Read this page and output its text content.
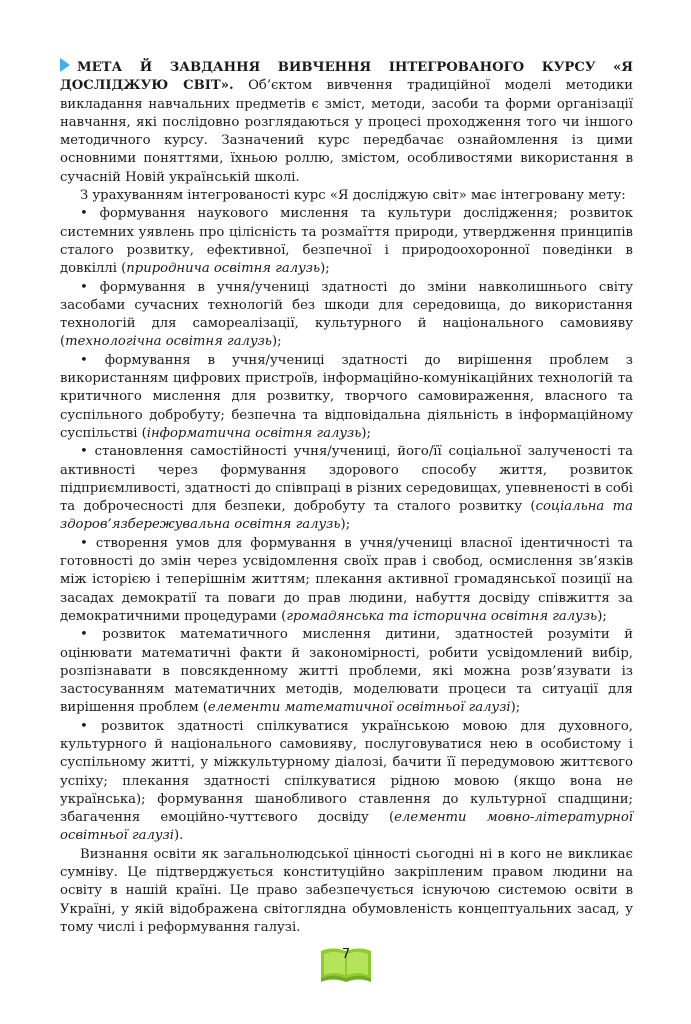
МЕТА Й ЗАВДАННЯ ВИВЧЕННЯ ІНТЕГРОВАНОГО КУРСУ «Я ДОСЛІДЖУЮ СВІТ». Об’єктом вивчення традиційної моделі методики викладання навчальних предметів є зміст, методи, засоби та форми організації навчання, які послідовно розглядаються у процесі проходження того чи іншого методичного курсу. Зазначений курс передбачає ознайомлення із цими основними поняттями, їхньою роллю, змістом, особливостями використання в сучасній Новій українській школі.

З урахуванням інтегрованості курс «Я досліджую світ» має інтегровану мету:

• формування наукового мислення та культури дослідження; розвиток системних уявлень про цілісність та розмаїття природи, утвердження принципів сталого розвитку, ефективної, безпечної і природоохоронної поведінки в довкіллі (природнича освітня галузь);

• формування в учня/учениці здатності до зміни навколишнього світу засобами сучасних технологій без шкоди для середовища, до використання технологій для самореалізації, культурного й національного самовияву (технологічна освітня галузь);

• формування в учня/учениці здатності до вирішення проблем з використанням цифрових пристроїв, інформаційно-комунікаційних технологій та критичного мислення для розвитку, творчого самовираження, власного та суспільного добробуту; безпечна та відповідальна діяльність в інформаційному суспільстві (інформатична освітня галузь);

• становлення самостійності учня/учениці, його/її соціальної залученості та активності через формування здорового способу життя, розвиток підприємливості, здатності до співпраці в різних середовищах, упевненості в собі та доброчесності для безпеки, добробуту та сталого розвитку (соціальна та здоров’язбережувальна освітня галузь);

• створення умов для формування в учня/учениці власної ідентичності та готовності до змін через усвідомлення своїх прав і свобод, осмислення зв’язків між історією і теперішнім життям; плекання активної громадянської позиції на засадах демократії та поваги до прав людини, набуття досвіду співжиття за демократичними процедурами (громадянська та історична освітня галузь);

• розвиток математичного мислення дитини, здатностей розуміти й оцінювати математичні факти й закономірності, робити усвідомлений вибір, розпізнавати в повсякденному житті проблеми, які можна розв’язувати із застосуванням математичних методів, моделювати процеси та ситуації для вирішення проблем (елементи математичної освітньої галузі);

• розвиток здатності спілкуватися українською мовою для духовного, культурного й національного самовияву, послуговуватися нею в особистому і суспільному житті, у міжкультурному діалозі, бачити її передумовою життєвого успіху; плекання здатності спілкуватися рідною мовою (якщо вона не українська); формування шанобливого ставлення до культурної спадщини; збагачення емоційно-чуттєвого досвіду (елементи мовно-літературної освітньої галузі).

Визнання освіти як загальнолюдської цінності сьогодні ні в кого не викликає сумніву. Це підтверджується конституційно закріпленим правом людини на освіту в нашій країні. Це право забезпечується існуючою системою освіти в Україні, у якій відображена світоглядна обумовленість концептуальних засад, у тому числі і реформування галузі.

7
